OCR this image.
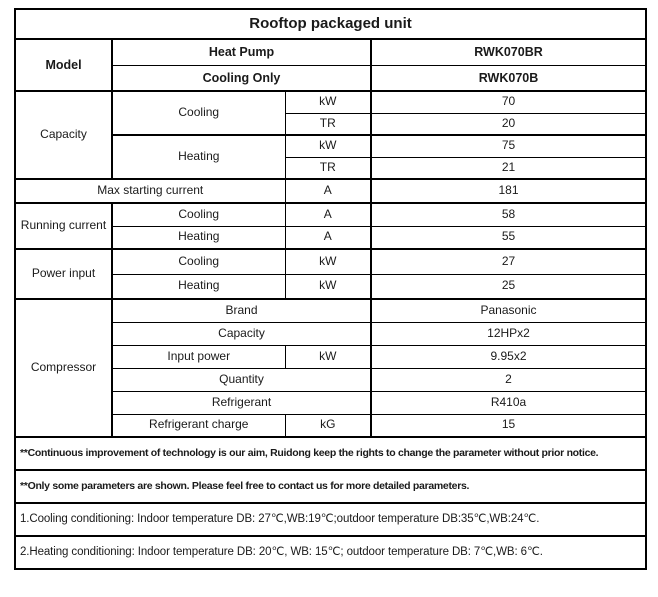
Rooftop packaged unit			
Model	Heat Pump		RWK070BR
	Cooling Only		RWK070B
Capacity	Cooling	kW	70
		TR	20
	Heating	kW	75
		TR	21
Max starting current		A	181
Running current	Cooling	A	58
	Heating	A	55
Power input	Cooling	kW	27
	Heating	kW	25
Compressor	Brand		Panasonic
	Capacity		12HPx2
	Input power	kW	9.95x2
	Quantity		2
	Refrigerant		R410a
	Refrigerant charge	kG	15
**Continuous improvement of technology is our aim, Ruidong keep the rights to change the parameter without prior notice.			
**Only some parameters are shown. Please feel free to contact us for more detailed parameters.			
1.Cooling conditioning: Indoor temperature DB: 27℃,WB:19℃;outdoor temperature DB:35℃,WB:24℃.			
2.Heating conditioning: Indoor temperature DB: 20℃, WB: 15℃; outdoor temperature DB: 7℃,WB: 6℃.			
